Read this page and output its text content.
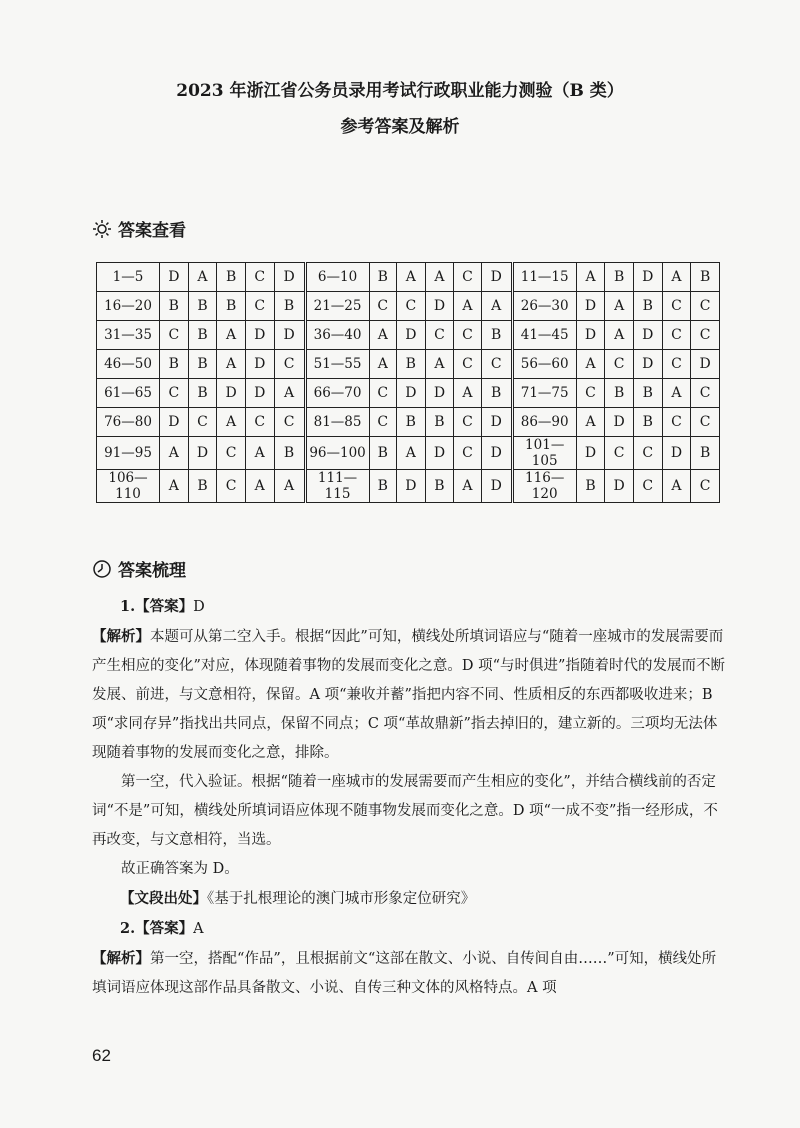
2023 年浙江省公务员录用考试行政职业能力测验（B 类）
参考答案及解析
答案查看
1—5	D	A	B	C	D	6—10	B	A	A	C	D	11—15	A	B	D	A	B
16—20	B	B	B	C	B	21—25	C	C	D	A	A	26—30	D	A	B	C	C
31—35	C	B	A	D	D	36—40	A	D	C	C	B	41—45	D	A	D	C	C
46—50	B	B	A	D	C	51—55	A	B	A	C	C	56—60	A	C	D	C	D
61—65	C	B	D	D	A	66—70	C	D	D	A	B	71—75	C	B	B	A	C
76—80	D	C	A	C	C	81—85	C	B	B	C	D	86—90	A	D	B	C	C
91—95	A	D	C	A	B	96—100	B	A	D	C	D	101—105	D	C	C	D	B
106—110	A	B	C	A	A	111—115	B	D	B	A	D	116—120	B	D	C	A	C
答案梳理

1.【答案】D

【解析】本题可从第二空入手。根据“因此”可知，横线处所填词语应与“随着一座城市的发展需要而产生相应的变化”对应，体现随着事物的发展而变化之意。D 项“与时俱进”指随着时代的发展而不断发展、前进，与文意相符，保留。A 项“兼收并蓄”指把内容不同、性质相反的东西都吸收进来；B 项“求同存异”指找出共同点，保留不同点；C 项“革故鼎新”指去掉旧的，建立新的。三项均无法体现随着事物的发展而变化之意，排除。

第一空，代入验证。根据“随着一座城市的发展需要而产生相应的变化”，并结合横线前的否定词“不是”可知，横线处所填词语应体现不随事物发展而变化之意。D 项“一成不变”指一经形成，不再改变，与文意相符，当选。

故正确答案为 D。

【文段出处】《基于扎根理论的澳门城市形象定位研究》

2.【答案】A

【解析】第一空，搭配“作品”，且根据前文“这部在散文、小说、自传间自由……”可知，横线处所填词语应体现这部作品具备散文、小说、自传三种文体的风格特点。A 项

62
